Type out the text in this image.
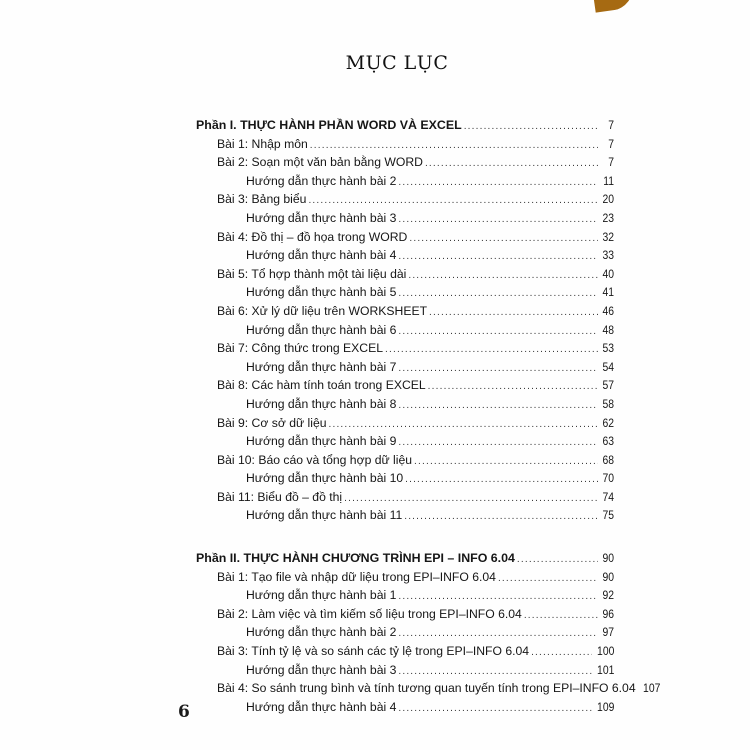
MỤC LỤC
Phần I. THỰC HÀNH PHẦN WORD VÀ EXCEL .....	7
Bài 1: Nhập môn .....	7
Bài 2: Soạn một văn bản bằng WORD .....	7
Hướng dẫn thực hành bài 2 .....	11
Bài 3: Bảng biểu .....	20
Hướng dẫn thực hành bài 3 .....	23
Bài 4: Đồ thị – đồ họa trong WORD .....	32
Hướng dẫn thực hành bài 4 .....	33
Bài 5: Tổ hợp thành một tài liệu dài .....	40
Hướng dẫn thực hành bài 5 .....	41
Bài 6: Xử lý dữ liệu trên WORKSHEET .....	46
Hướng dẫn thực hành bài 6 .....	48
Bài 7: Công thức trong EXCEL .....	53
Hướng dẫn thực hành bài 7 .....	54
Bài 8: Các hàm tính toán trong EXCEL .....	57
Hướng dẫn thực hành bài 8 .....	58
Bài 9: Cơ sở dữ liệu .....	62
Hướng dẫn thực hành bài 9 .....	63
Bài 10: Báo cáo và tổng hợp dữ liệu .....	68
Hướng dẫn thực hành bài 10 .....	70
Bài 11: Biểu đồ – đồ thị .....	74
Hướng dẫn thực hành bài 11 .....	75
Phần II. THỰC HÀNH CHƯƠNG TRÌNH EPI – INFO 6.04 .....	90
Bài 1: Tạo file và nhập dữ liệu trong EPI–INFO 6.04 .....	90
Hướng dẫn thực hành bài 1 .....	92
Bài 2: Làm việc và tìm kiếm số liệu trong EPI–INFO 6.04 .....	96
Hướng dẫn thực hành bài 2 .....	97
Bài 3: Tính tỷ lệ và so sánh các tỷ lệ trong EPI–INFO 6.04 .....	100
Hướng dẫn thực hành bài 3 .....	101
Bài 4: So sánh trung bình và tính tương quan tuyến tính trong EPI–INFO 6.04 107
Hướng dẫn thực hành bài 4 .....	109
6
